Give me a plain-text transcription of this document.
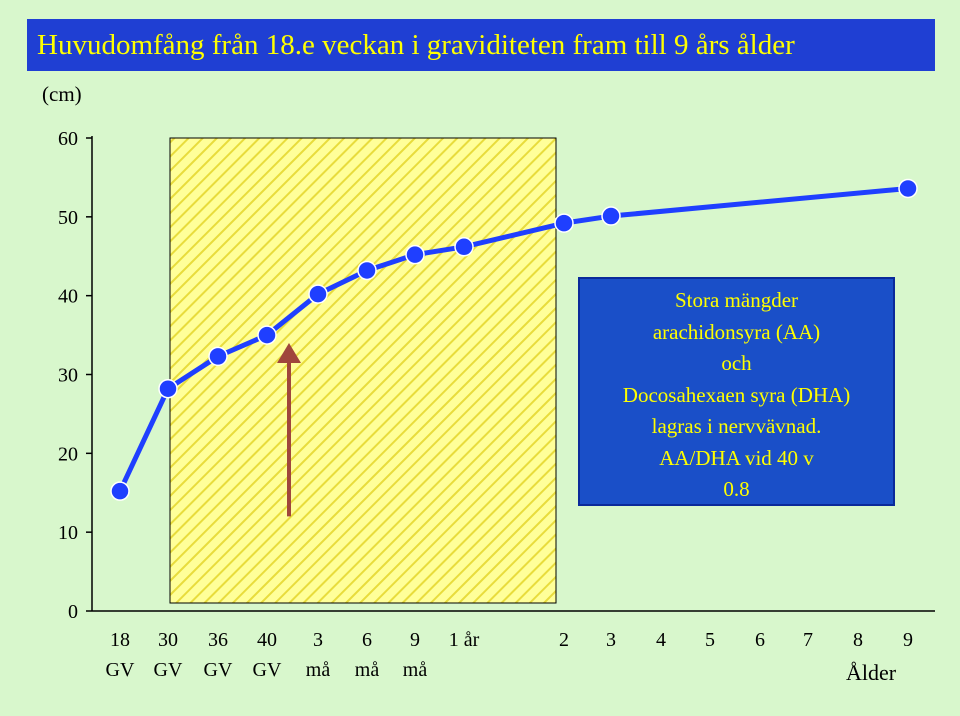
Huvudomfång från 18.e veckan i graviditeten fram till 9 års ålder
(cm)
0
10
20
30
40
50
60
Stora mängder
arachidonsyra (AA)
och
Docosahexaen syra (DHA)
lagras i nervvävnad.
AA/DHA vid 40 v
0.8
18
GV
30
GV
36
GV
40
GV
3
må
6
må
9
må
1 år	2 3 4 5 6 7 8 9
Ålder
